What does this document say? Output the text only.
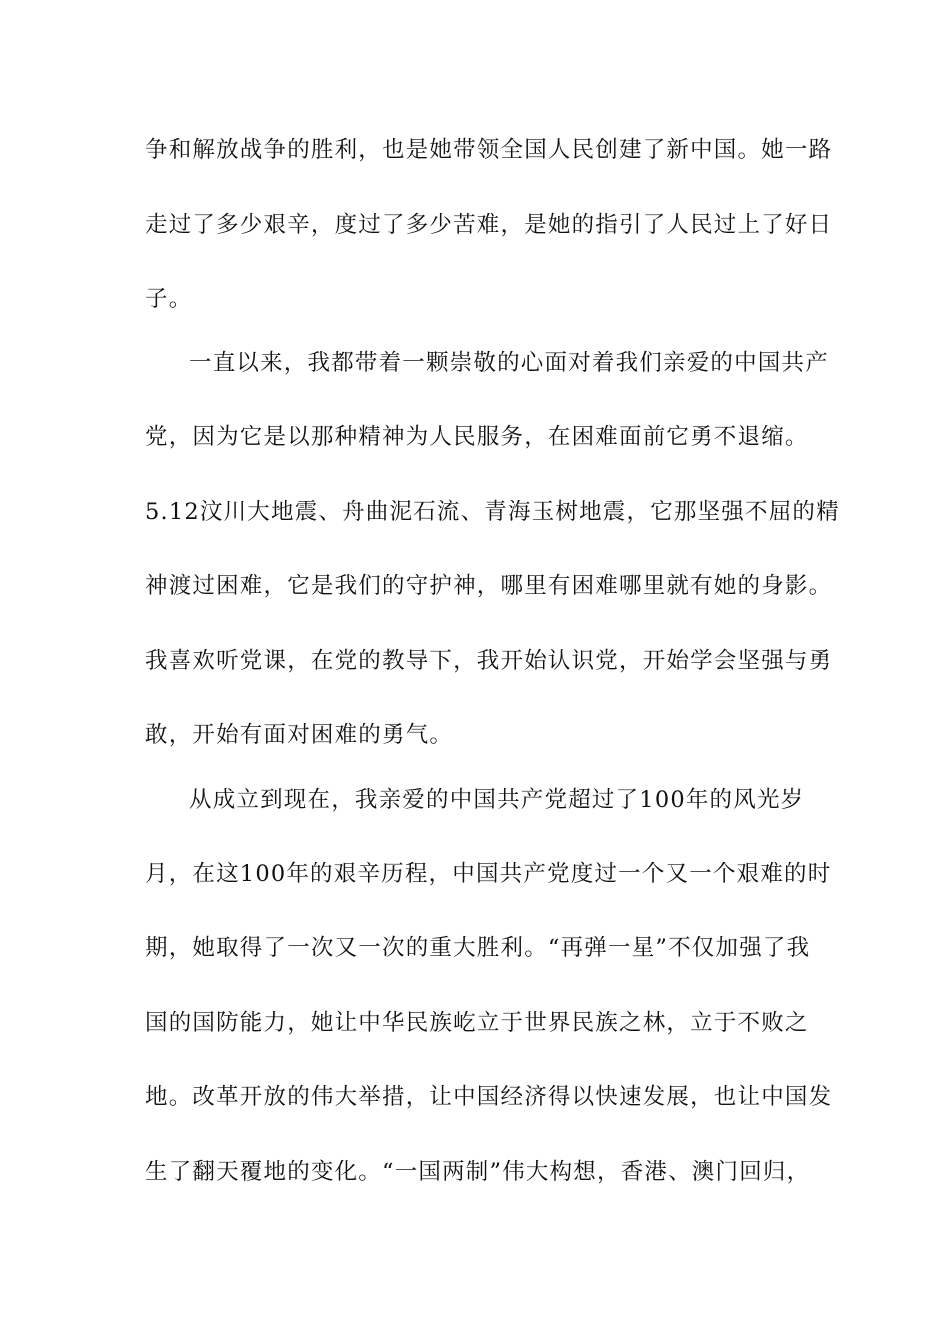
争和解放战争的胜利，也是她带领全国人民创建了新中国。她一路
走过了多少艰辛，度过了多少苦难，是她的指引了人民过上了好日
子。
一直以来，我都带着一颗崇敬的心面对着我们亲爱的中国共产
党，因为它是以那种精神为人民服务，在困难面前它勇不退缩。
5.12汶川大地震、舟曲泥石流、青海玉树地震，它那坚强不屈的精
神渡过困难，它是我们的守护神，哪里有困难哪里就有她的身影。
我喜欢听党课，在党的教导下，我开始认识党，开始学会坚强与勇
敢，开始有面对困难的勇气。
从成立到现在，我亲爱的中国共产党超过了100年的风光岁
月，在这100年的艰辛历程，中国共产党度过一个又一个艰难的时
期，她取得了一次又一次的重大胜利。“再弹一星”不仅加强了我
国的国防能力，她让中华民族屹立于世界民族之林，立于不败之
地。改革开放的伟大举措，让中国经济得以快速发展，也让中国发
生了翻天覆地的变化。“一国两制”伟大构想，香港、澳门回归，
